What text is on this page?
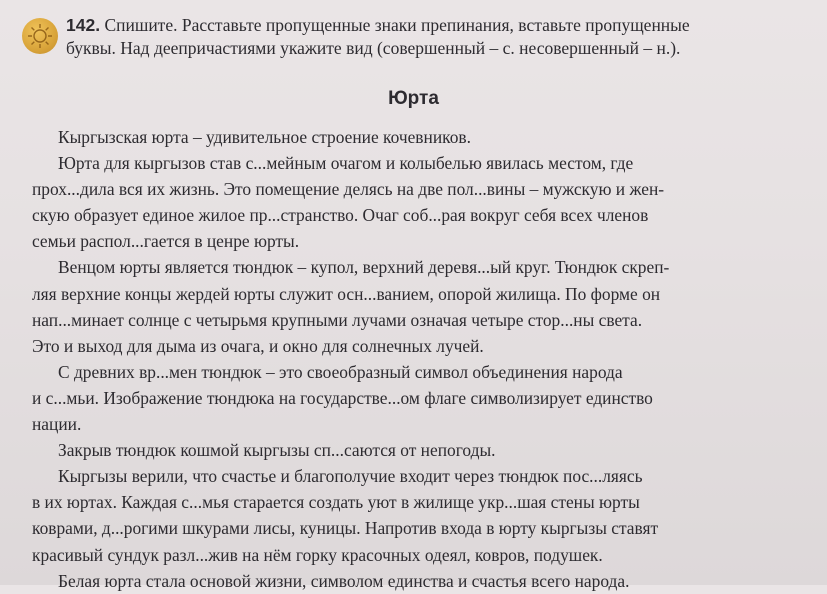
142. Спишите. Расставьте пропущенные знаки препинания, вставьте пропущенные
буквы. Над деепричастиями укажите вид (совершенный – с. несовершенный – н.).
Юрта

Кыргызская юрта – удивительное строение кочевников.

Юрта для кыргызов став с...мейным очагом и колыбелью явилась местом, где
прох...дила вся их жизнь. Это помещение делясь на две пол...вины – мужскую и жен-
скую образует единое жилое пр...странство. Очаг соб...рая вокруг себя всех членов
семьи распол...гается в ценре юрты.

Венцом юрты является тюндюк – купол, верхний деревя...ый круг. Тюндюк скреп-
ляя верхние концы жердей юрты служит осн...ванием, опорой жилища. По форме он
нап...минает солнце с четырьмя крупными лучами означая четыре стор...ны света.
Это и выход для дыма из очага, и окно для солнечных лучей.

С древних вр...мен тюндюк – это своеобразный символ объединения народа
и с...мьи. Изображение тюндюка на государстве...ом флаге символизирует единство
нации.

Закрыв тюндюк кошмой кыргызы сп...саются от непогоды.

Кыргызы верили, что счастье и благополучие входит через тюндюк пос...ляясь
в их юртах. Каждая с...мья старается создать уют в жилище укр...шая стены юрты
коврами, д...рогими шкурами лисы, куницы. Напротив входа в юрту кыргызы ставят
красивый сундук разл...жив на нём горку красочных одеял, ковров, подушек.

Белая юрта стала основой жизни, символом единства и счастья всего народа.
